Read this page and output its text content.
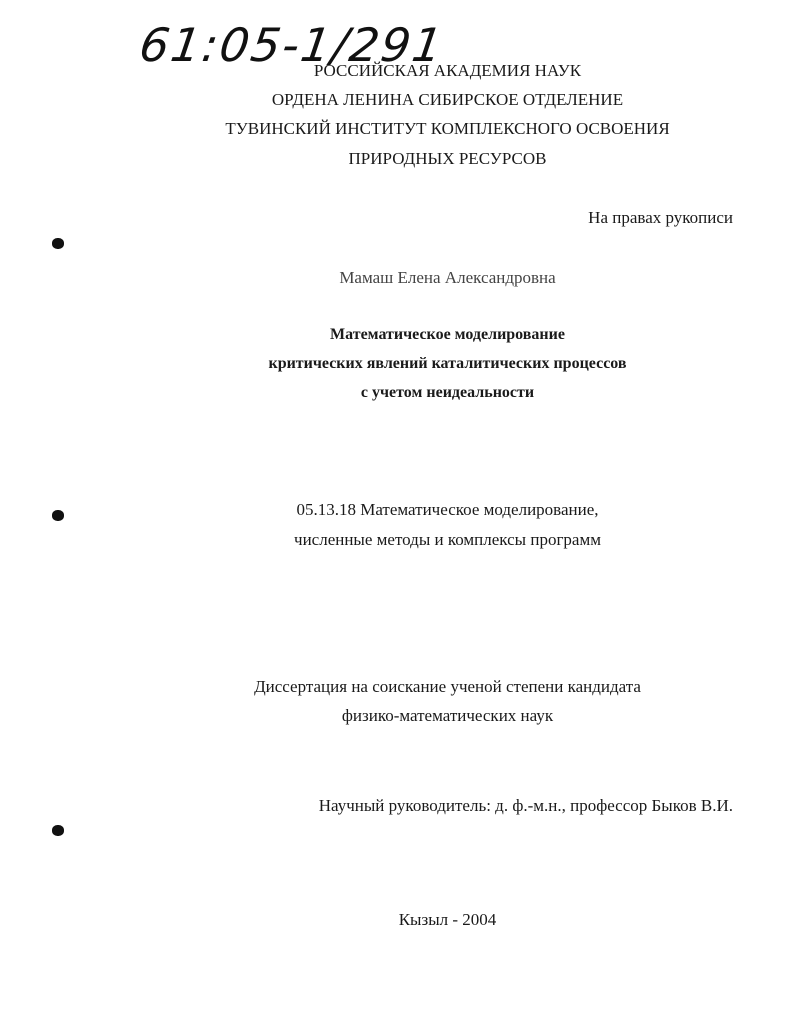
61:05-1/291
РОССИЙСКАЯ АКАДЕМИЯ НАУК
ОРДЕНА ЛЕНИНА СИБИРСКОЕ ОТДЕЛЕНИЕ
ТУВИНСКИЙ ИНСТИТУТ КОМПЛЕКСНОГО ОСВОЕНИЯ
ПРИРОДНЫХ РЕСУРСОВ
На правах рукописи
Мамаш Елена Александровна
Математическое моделирование
критических явлений каталитических процессов
с учетом неидеальности
05.13.18 Математическое моделирование,
численные методы и комплексы программ
Диссертация на соискание ученой степени кандидата
физико-математических наук
Научный руководитель: д. ф.-м.н., профессор Быков В.И.
Кызыл - 2004
